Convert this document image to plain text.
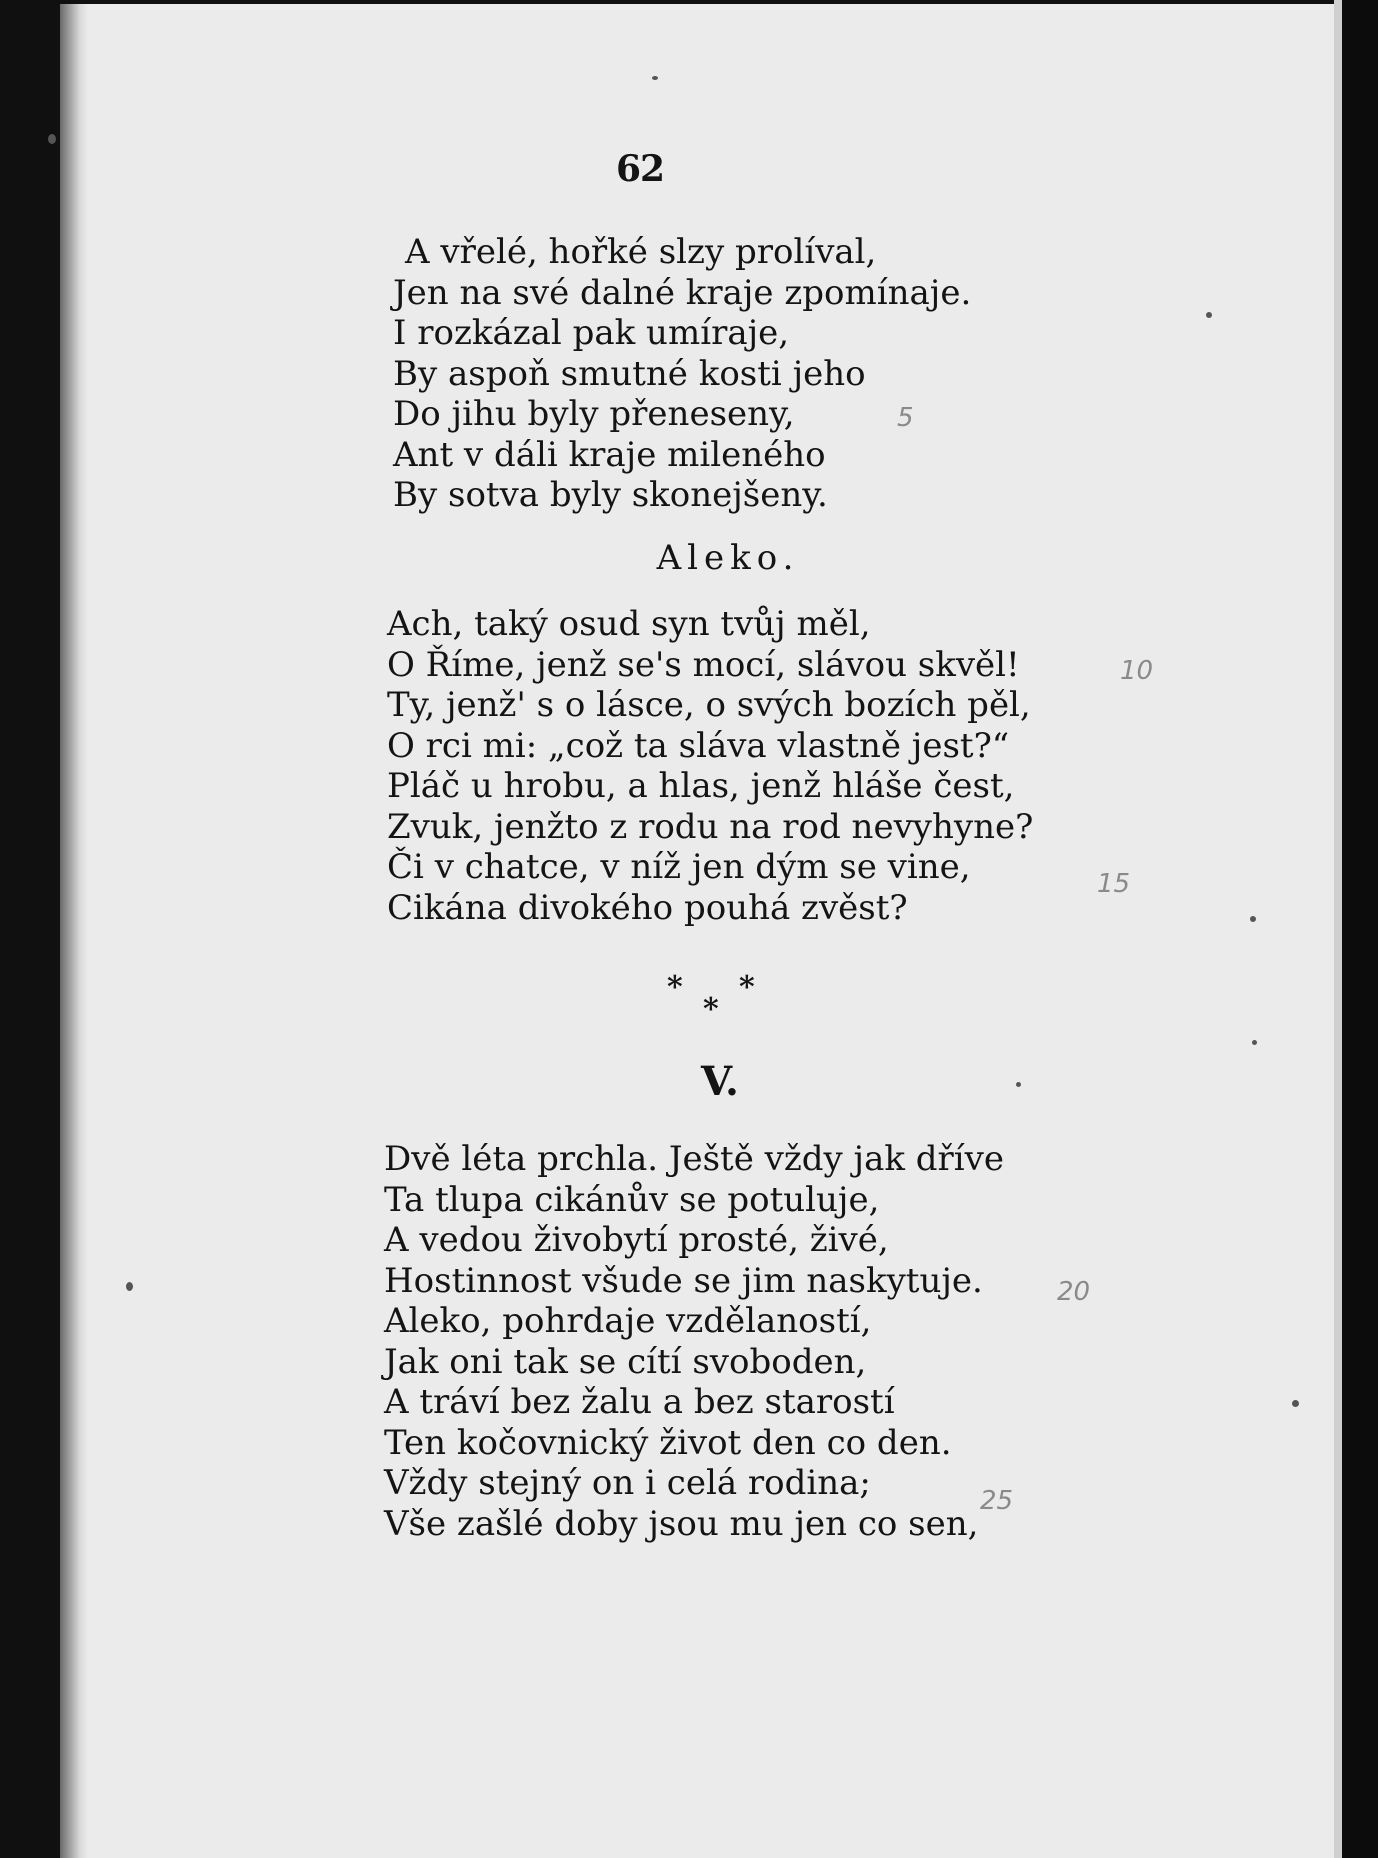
62
A vřelé, hořké slzy prolíval,
Jen na své dalné kraje zpomínaje.
I rozkázal pak umíraje,
By aspoň smutné kosti jeho
Do jihu byly přeneseny,
Ant v dáli kraje mileného
By sotva byly skonejšeny.
Aleko.
Ach, taký osud syn tvůj měl,
O Říme, jenž se's mocí, slávou skvěl!
Ty, jenž' s o lásce, o svých bozích pěl,
O rci mi: „což ta sláva vlastně jest?“
Pláč u hrobu, a hlas, jenž hláše čest,
Zvuk, jenžto z rodu na rod nevyhyne?
Či v chatce, v níž jen dým se vine,
Cikána divokého pouhá zvěst?
* *
*
V.
Dvě léta prchla. Ještě vždy jak dříve
Ta tlupa cikánův se potuluje,
A vedou živobytí prosté, živé,
Hostinnost všude se jim naskytuje.
Aleko, pohrdaje vzdělaností,
Jak oni tak se cítí svoboden,
A tráví bez žalu a bez starostí
Ten kočovnický život den co den.
Vždy stejný on i celá rodina;
Vše zašlé doby jsou mu jen co sen,
5
10
15
20
25
